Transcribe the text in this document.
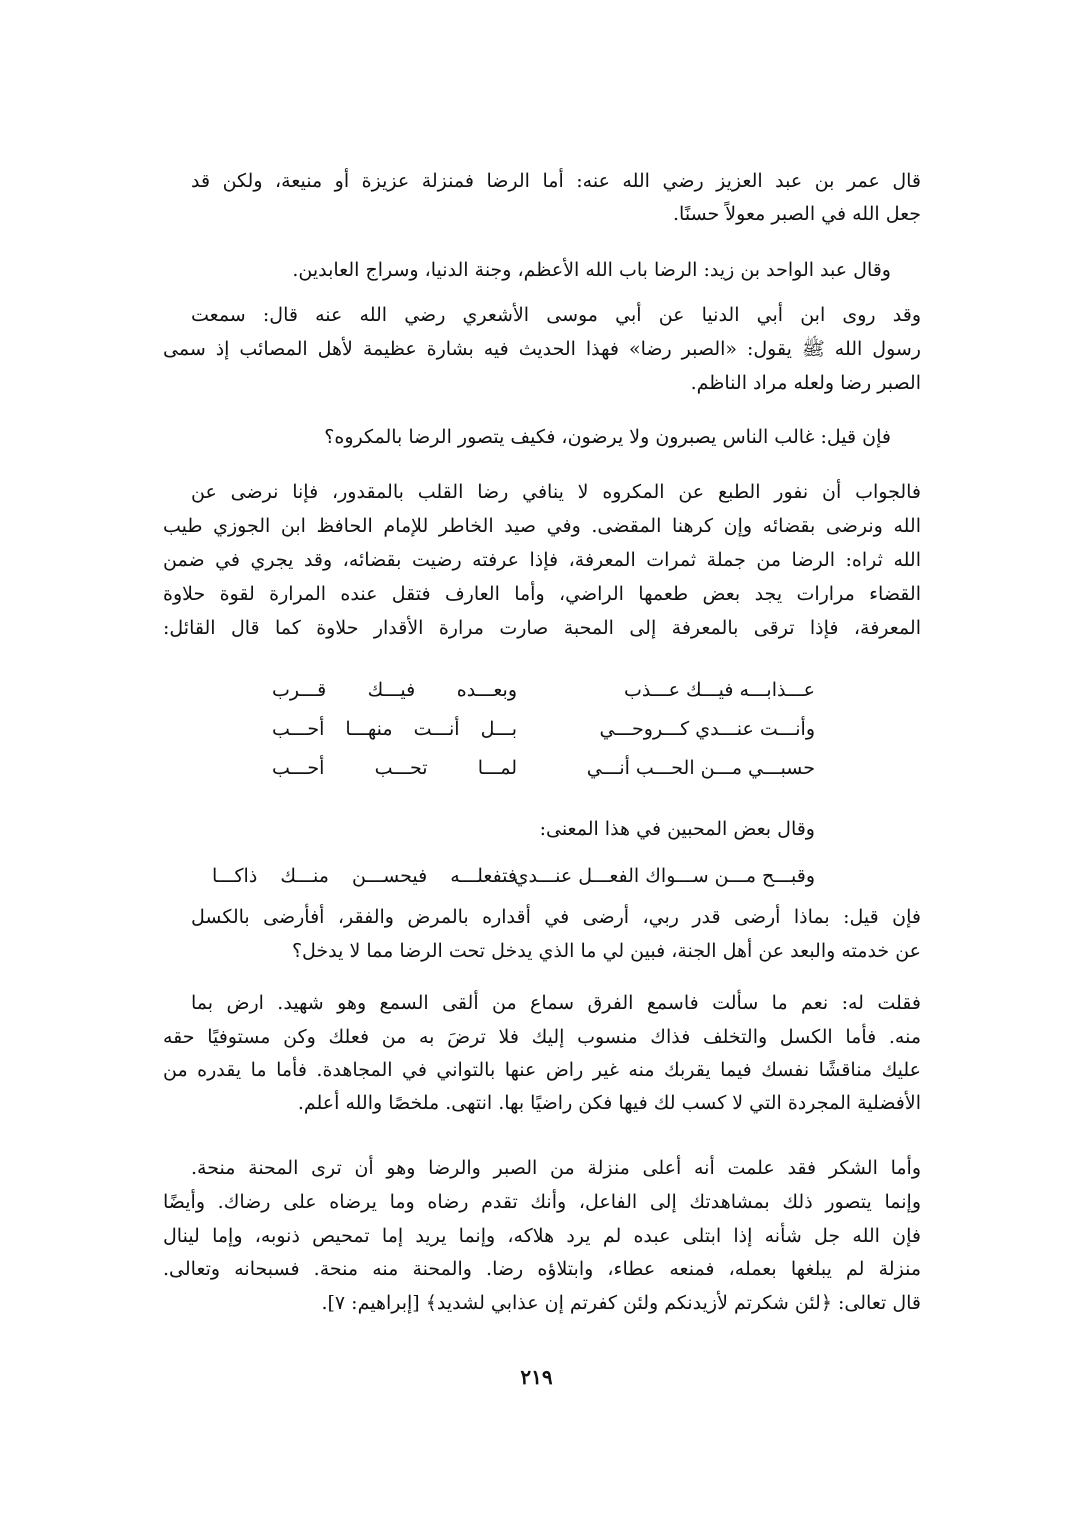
قال عمر بن عبد العزيز رضي الله عنه: أما الرضا فمنزلة عزيزة أو منيعة، ولكن قد
جعل الله في الصبر معولاً حسنًا.
وقال عبد الواحد بن زيد: الرضا باب الله الأعظم، وجنة الدنيا، وسراج العابدين.
وقد روى ابن أبي الدنيا عن أبي موسى الأشعري رضي الله عنه قال: سمعت
رسول الله ﷺ يقول: «الصبر رضا» فهذا الحديث فيه بشارة عظيمة لأهل المصائب إذ سمى
الصبر رضا ولعله مراد الناظم.
فإن قيل: غالب الناس يصبرون ولا يرضون، فكيف يتصور الرضا بالمكروه؟
فالجواب أن نفور الطبع عن المكروه لا ينافي رضا القلب بالمقدور، فإنا نرضى عن
الله ونرضى بقضائه وإن كرهنا المقضى. وفي صيد الخاطر للإمام الحافظ ابن الجوزي طيب
الله ثراه: الرضا من جملة ثمرات المعرفة، فإذا عرفته رضيت بقضائه، وقد يجري في ضمن
القضاء مرارات يجد بعض طعمها الراضي، وأما العارف فتقل عنده المرارة لقوة حلاوة
المعرفة، فإذا ترقى بالمعرفة إلى المحبة صارت مرارة الأقدار حلاوة كما قال القائل:
عـــذابـــه فيـــك عـــذب
وبعـــده فيـــك قـــرب
وأنـــت عنـــدي كـــروحـــي
بـــل أنـــت منهـــا أحـــب
حسبـــي مـــن الحـــب أنـــي
لمـــا تحـــب أحـــب
وقال بعض المحبين في هذا المعنى:
وقبـــح مـــن ســـواك الفعـــل عنـــدي
فتفعلـــه فيحســـن منـــك ذاكـــا
فإن قيل: بماذا أرضى قدر ربي، أرضى في أقداره بالمرض والفقر، أفأرضى بالكسل
عن خدمته والبعد عن أهل الجنة، فبين لي ما الذي يدخل تحت الرضا مما لا يدخل؟
فقلت له: نعم ما سألت فاسمع الفرق سماع من ألقى السمع وهو شهيد. ارض بما
منه. فأما الكسل والتخلف فذاك منسوب إليك فلا ترضَ به من فعلك وكن مستوفيًا حقه
عليك مناقشًا نفسك فيما يقربك منه غير راض عنها بالتواني في المجاهدة. فأما ما يقدره من
الأفضلية المجردة التي لا كسب لك فيها فكن راضيًا بها. انتهى. ملخصًا والله أعلم.
وأما الشكر فقد علمت أنه أعلى منزلة من الصبر والرضا وهو أن ترى المحنة منحة.
وإنما يتصور ذلك بمشاهدتك إلى الفاعل، وأنك تقدم رضاه وما يرضاه على رضاك. وأيضًا
فإن الله جل شأنه إذا ابتلى عبده لم يرد هلاكه، وإنما يريد إما تمحيص ذنوبه، وإما لينال
منزلة لم يبلغها بعمله، فمنعه عطاء، وابتلاؤه رضا. والمحنة منه منحة. فسبحانه وتعالى.
قال تعالى: ﴿لئن شكرتم لأزيدنكم ولئن كفرتم إن عذابي لشديد﴾ [إبراهيم: ٧].
٢١٩
